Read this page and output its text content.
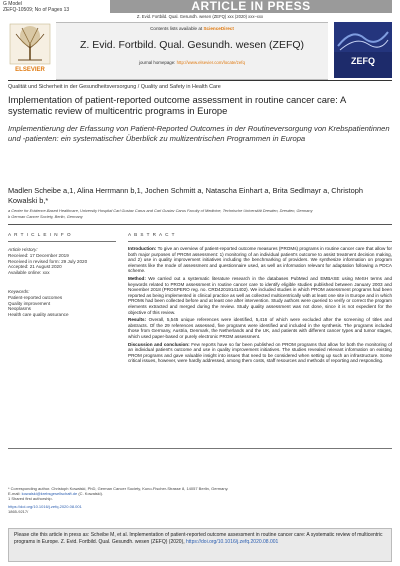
G Model
ZEFQ-10509; No of Pages 13	ARTICLE IN PRESS
Z. Evid. Fortbild. Qual. Gesundh. wesen (ZEFQ) xxx (2020) xxx–xxx
ELSEVIER
Contents lists available at ScienceDirect
Z. Evid. Fortbild. Qual. Gesundh. wesen (ZEFQ)
journal homepage: http://www.elsevier.com/locate/zefq	ZEFQ
Qualität und Sicherheit in der Gesundheitsversorgung / Quality and Safety in Health Care
Implementation of patient-reported outcome assessment in routine cancer care: A systematic review of multicentric programs in Europe
Implementierung der Erfassung von Patient-Reported Outcomes in der Routineversorgung von Krebspatientinnen und -patienten: ein systematischer Überblick zu multizentrischen Programmen in Europa
Madlen Scheibe a,1, Alina Herrmann b,1, Jochen Schmitt a, Natascha Einhart a, Brita Sedlmayr a, Christoph Kowalski b,*
a Center for Evidence-Based Healthcare, University Hospital Carl Gustav Carus and Carl Gustav Carus Faculty of Medicine, Technische Universität Dresden, Dresden, Germany
b German Cancer Society, Berlin, Germany
A R T I C L E I N F O
Article History:
Received: 17 December 2019
Received in revised form: 29 July 2020
Accepted: 21 August 2020
Available online: xxx
Keywords:
Patient-reported outcomes
Quality improvement
Neoplasms
Health care quality assurance
A B S T R A C T

Introduction: To give an overview of patient-reported outcome measures (PROMs) programs in routine cancer care that allow for both major purposes of PROM assessment: 1) monitoring of an individual patient's outcome to assist treatment decision making, and 2) use in quality improvement initiatives including the benchmarking of providers. We synthesize information on program elements like the mode of assessment and questionnaire used, as well as information relevant for adaptation following a PDCA scheme.

Method: We carried out a systematic literature research in the databases PubMed and EMBASE using MeSH terms and keywords related to PROM assessment in routine cancer care to identify eligible studies published between January 2003 and November 2018 (PROSPERO reg. no. CRD42019141402). We included studies in which PROM assessment programs had been reported as being implemented in clinical practice as well as collected multicentrically with at least one site in Europe and in which PROMs had been collected before and at least one after intervention. Study authors were queried to verify or correct the program elements extracted and merged during the review. Study quality assessment was not done, since it is not expedient for the objective of this review.

Results: Overall, 5,545 unique references were identified, 5,416 of which were excluded after the screening of titles and abstracts. Of the 29 references assessed, five programs were identified and included in the synthesis. The programs included those from Germany, Austria, Denmark, the Netherlands and the UK, and patients with different cancer types and tumor stages, which used paper-based or purely electronic PROM assessment.

Discussion and conclusion: Few reports have so far been published on PROM programs that allow for both the monitoring of an individual patient's outcome and use in quality improvement initiatives. The studies revealed relevant information on existing PROM programs and gave valuable insight into issues that need to be considered when setting up such an infrastructure. Some critical issues, however, were hardly addressed, among them costs, staff resources and methods of reporting and responding.

* Corresponding author. Christoph Kowalski, PhD, German Cancer Society, Kuno-Fischer-Strasse 8, 14057 Berlin, Germany.
E-mail: kowalski@krebsgesellschaft.de (C. Kowalski).
1 Shared first authorship.
https://doi.org/10.1016/j.zefq.2020.08.001
1865-9217/
Please cite this article in press as: Scheibe M, et al. Implementation of patient-reported outcome assessment in routine cancer care: A systematic review of multicentric programs in Europe. Z. Evid. Fortbild. Qual. Gesundh. wesen (ZEFQ) (2020), https://doi.org/10.1016/j.zefq.2020.08.001
